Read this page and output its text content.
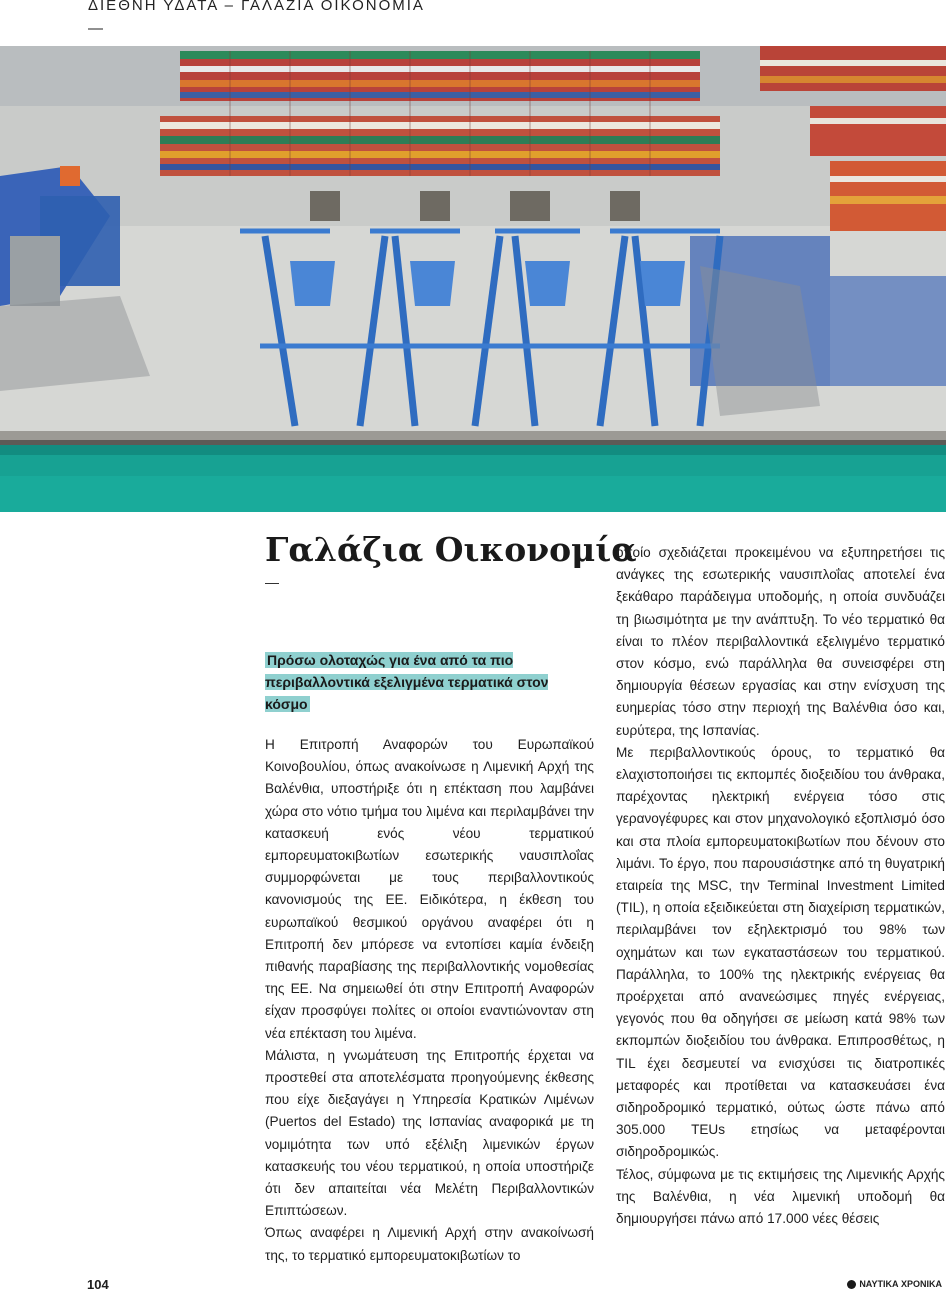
ΔΙΕΘΝΗ ΥΔΑΤΑ – ΓΑΛΑΖΙΑ ΟΙΚΟΝΟΜΙΑ
—
Γαλάζια Οικονομία
—
Πρόσω ολοταχώς για ένα από τα πιο περιβαλλοντικά εξελιγμένα τερματικά στον κόσμο

Η Επιτροπή Αναφορών του Ευρωπαϊκού Κοινοβουλίου, όπως ανακοίνωσε η Λιμενική Αρχή της Βαλένθια, υποστήριξε ότι η επέκταση που λαμβάνει χώρα στο νότιο τμήμα του λιμένα και περιλαμβάνει την κατασκευή ενός νέου τερματικού εμπορευματοκιβωτίων εσωτερικής ναυσιπλοΐας συμμορφώνεται με τους περιβαλλοντικούς κανονισμούς της ΕΕ. Ειδικότερα, η έκθεση του ευρωπαϊκού θεσμικού οργάνου αναφέρει ότι η Επιτροπή δεν μπόρεσε να εντοπίσει καμία ένδειξη πιθανής παραβίασης της περιβαλλοντικής νομοθεσίας της ΕΕ. Να σημειωθεί ότι στην Επιτροπή Αναφορών είχαν προσφύγει πολίτες οι οποίοι εναντιώνονταν στη νέα επέκταση του λιμένα.

Μάλιστα, η γνωμάτευση της Επιτροπής έρχεται να προστεθεί στα αποτελέσματα προηγούμενης έκθεσης που είχε διεξαγάγει η Υπηρεσία Κρατικών Λιμένων (Puertos del Estado) της Ισπανίας αναφορικά με τη νομιμότητα των υπό εξέλιξη λιμενικών έργων κατασκευής του νέου τερματικού, η οποία υποστήριζε ότι δεν απαιτείται νέα Μελέτη Περιβαλλοντικών Επιπτώσεων.

Όπως αναφέρει η Λιμενική Αρχή στην ανακοίνωσή της, το τερματικό εμπορευματοκιβωτίων το

οποίο σχεδιάζεται προκειμένου να εξυπηρετήσει τις ανάγκες της εσωτερικής ναυσιπλοΐας αποτελεί ένα ξεκάθαρο παράδειγμα υποδομής, η οποία συνδυάζει τη βιωσιμότητα με την ανάπτυξη. Το νέο τερματικό θα είναι το πλέον περιβαλλοντικά εξελιγμένο τερματικό στον κόσμο, ενώ παράλληλα θα συνεισφέρει στη δημιουργία θέσεων εργασίας και στην ενίσχυση της ευημερίας τόσο στην περιοχή της Βαλένθια όσο και, ευρύτερα, της Ισπανίας.

Με περιβαλλοντικούς όρους, το τερματικό θα ελαχιστοποιήσει τις εκπομπές διοξειδίου του άνθρακα, παρέχοντας ηλεκτρική ενέργεια τόσο στις γερανογέφυρες και στον μηχανολογικό εξοπλισμό όσο και στα πλοία εμπορευματοκιβωτίων που δένουν στο λιμάνι. Το έργο, που παρουσιάστηκε από τη θυγατρική εταιρεία της MSC, την Terminal Investment Limited (TIL), η οποία εξειδικεύεται στη διαχείριση τερματικών, περιλαμβάνει τον εξηλεκτρισμό του 98% των οχημάτων και των εγκαταστάσεων του τερματικού. Παράλληλα, το 100% της ηλεκτρικής ενέργειας θα προέρχεται από ανανεώσιμες πηγές ενέργειας, γεγονός που θα οδηγήσει σε μείωση κατά 98% των εκπομπών διοξειδίου του άνθρακα. Επιπροσθέτως, η TIL έχει δεσμευτεί να ενισχύσει τις διατροπικές μεταφορές και προτίθεται να κατασκευάσει ένα σιδηροδρομικό τερματικό, ούτως ώστε πάνω από 305.000 TEUs ετησίως να μεταφέρονται σιδηροδρομικώς.

Τέλος, σύμφωνα με τις εκτιμήσεις της Λιμενικής Αρχής της Βαλένθια, η νέα λιμενική υποδομή θα δημιουργήσει πάνω από 17.000 νέες θέσεις

104	ΝΑΥΤΙΚΑ ΧΡΟΝΙΚΑ
